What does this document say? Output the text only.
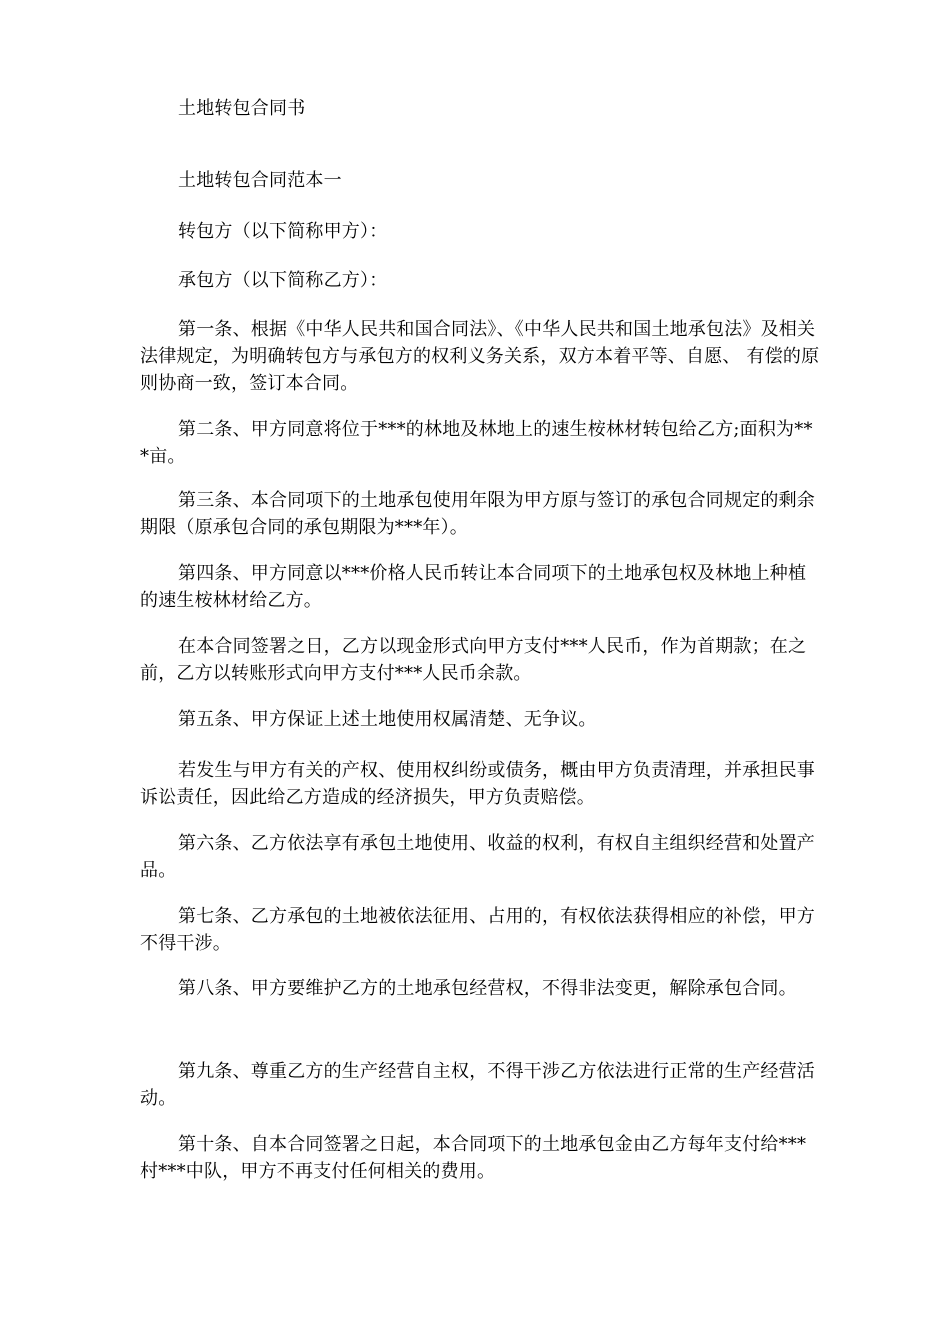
土地转包合同书

土地转包合同范本一

转包方（以下简称甲方）：

承包方（以下简称乙方）：

第一条、根据《中华人民共和国合同法》、《中华人民共和国土地承包法》及相关法律规定，为明确转包方与承包方的权利义务关系，双方本着平等、自愿、 有偿的原则协商一致，签订本合同。

第二条、甲方同意将位于***的林地及林地上的速生桉林材转包给乙方;面积为***亩。

第三条、本合同项下的土地承包使用年限为甲方原与签订的承包合同规定的剩余期限（原承包合同的承包期限为***年）。

第四条、甲方同意以***价格人民币转让本合同项下的土地承包权及林地上种植的速生桉林材给乙方。

在本合同签署之日，乙方以现金形式向甲方支付***人民币，作为首期款；在之前，乙方以转账形式向甲方支付***人民币余款。

第五条、甲方保证上述土地使用权属清楚、无争议。

若发生与甲方有关的产权、使用权纠纷或债务，概由甲方负责清理，并承担民事诉讼责任，因此给乙方造成的经济损失，甲方负责赔偿。

第六条、乙方依法享有承包土地使用、收益的权利，有权自主组织经营和处置产品。

第七条、乙方承包的土地被依法征用、占用的，有权依法获得相应的补偿，甲方不得干涉。

第八条、甲方要维护乙方的土地承包经营权，不得非法变更，解除承包合同。

第九条、尊重乙方的生产经营自主权，不得干涉乙方依法进行正常的生产经营活动。

第十条、自本合同签署之日起，本合同项下的土地承包金由乙方每年支付给***村***中队，甲方不再支付任何相关的费用。
